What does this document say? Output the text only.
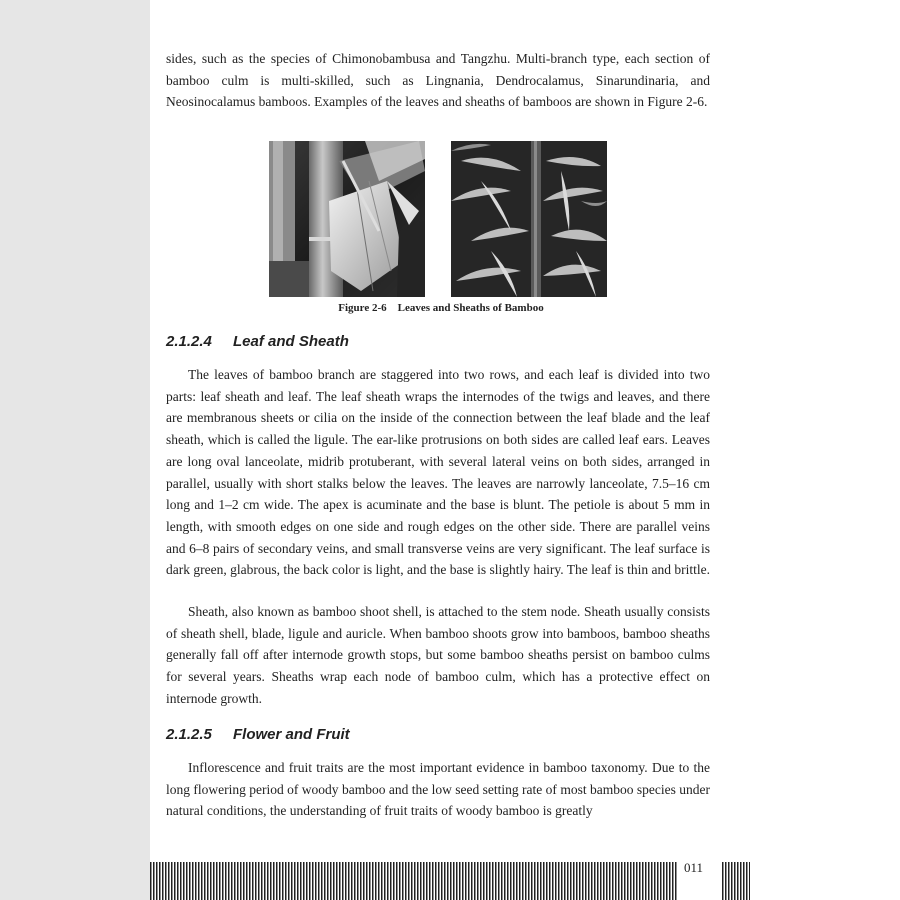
sides, such as the species of Chimonobambusa and Tangzhu. Multi-branch type, each section of bamboo culm is multi-skilled, such as Lingnania, Dendrocalamus, Sinarundinaria, and Neosinocalamus bamboos. Examples of the leaves and sheaths of bamboos are shown in Figure 2-6.

Figure 2-6    Leaves and Sheaths of Bamboo
2.1.2.4 Leaf and Sheath

The leaves of bamboo branch are staggered into two rows, and each leaf is divided into two parts: leaf sheath and leaf. The leaf sheath wraps the internodes of the twigs and leaves, and there are membranous sheets or cilia on the inside of the connection between the leaf blade and the leaf sheath, which is called the ligule. The ear-like protrusions on both sides are called leaf ears. Leaves are long oval lanceolate, midrib protuberant, with several lateral veins on both sides, arranged in parallel, usually with short stalks below the leaves. The leaves are narrowly lanceolate, 7.5–16 cm long and 1–2 cm wide. The apex is acuminate and the base is blunt. The petiole is about 5 mm in length, with smooth edges on one side and rough edges on the other side. There are parallel veins and 6–8 pairs of secondary veins, and small transverse veins are very significant. The leaf surface is dark green, glabrous, the back color is light, and the base is slightly hairy. The leaf is thin and brittle.

Sheath, also known as bamboo shoot shell, is attached to the stem node. Sheath usually consists of sheath shell, blade, ligule and auricle. When bamboo shoots grow into bamboos, bamboo sheaths generally fall off after internode growth stops, but some bamboo sheaths persist on bamboo culms for several years. Sheaths wrap each node of bamboo culm, which has a protective effect on internode growth.

2.1.2.5 Flower and Fruit

Inflorescence and fruit traits are the most important evidence in bamboo taxonomy. Due to the long flowering period of woody bamboo and the low seed setting rate of most bamboo species under natural conditions, the understanding of fruit traits of woody bamboo is greatly

011
